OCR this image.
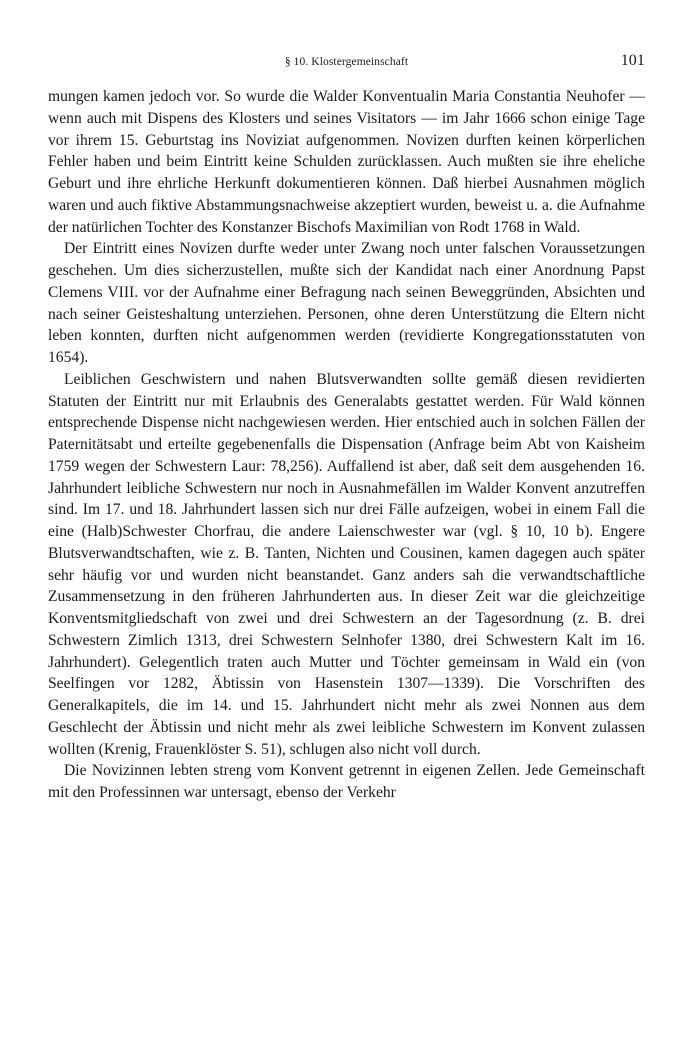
§ 10. Klostergemeinschaft	101

mungen kamen jedoch vor. So wurde die Walder Konventualin Maria Constantia Neuhofer — wenn auch mit Dispens des Klosters und seines Visitators — im Jahr 1666 schon einige Tage vor ihrem 15. Geburtstag ins Noviziat aufgenommen. Novizen durften keinen körperlichen Fehler haben und beim Eintritt keine Schulden zurücklassen. Auch mußten sie ihre eheliche Geburt und ihre ehrliche Herkunft dokumentieren können. Daß hierbei Ausnahmen möglich waren und auch fiktive Abstammungsnachweise akzeptiert wurden, beweist u. a. die Aufnahme der natürlichen Tochter des Konstanzer Bischofs Maximilian von Rodt 1768 in Wald.

Der Eintritt eines Novizen durfte weder unter Zwang noch unter falschen Voraussetzungen geschehen. Um dies sicherzustellen, mußte sich der Kandidat nach einer Anordnung Papst Clemens VIII. vor der Aufnahme einer Befragung nach seinen Beweggründen, Absichten und nach seiner Geisteshaltung unterziehen. Personen, ohne deren Unterstützung die Eltern nicht leben konnten, durften nicht aufgenommen werden (revidierte Kongregationsstatuten von 1654).

Leiblichen Geschwistern und nahen Blutsverwandten sollte gemäß diesen revidierten Statuten der Eintritt nur mit Erlaubnis des Generalabts gestattet werden. Für Wald können entsprechende Dispense nicht nachgewiesen werden. Hier entschied auch in solchen Fällen der Paternitätsabt und erteilte gegebenenfalls die Dispensation (Anfrage beim Abt von Kaisheim 1759 wegen der Schwestern Laur: 78,256). Auffallend ist aber, daß seit dem ausgehenden 16. Jahrhundert leibliche Schwestern nur noch in Ausnahmefällen im Walder Konvent anzutreffen sind. Im 17. und 18. Jahrhundert lassen sich nur drei Fälle aufzeigen, wobei in einem Fall die eine (Halb)Schwester Chorfrau, die andere Laienschwester war (vgl. § 10, 10 b). Engere Blutsverwandtschaften, wie z. B. Tanten, Nichten und Cousinen, kamen dagegen auch später sehr häufig vor und wurden nicht beanstandet. Ganz anders sah die verwandtschaftliche Zusammensetzung in den früheren Jahrhunderten aus. In dieser Zeit war die gleichzeitige Konventsmitgliedschaft von zwei und drei Schwestern an der Tagesordnung (z. B. drei Schwestern Zimlich 1313, drei Schwestern Selnhofer 1380, drei Schwestern Kalt im 16. Jahrhundert). Gelegentlich traten auch Mutter und Töchter gemeinsam in Wald ein (von Seelfingen vor 1282, Äbtissin von Hasenstein 1307—1339). Die Vorschriften des Generalkapitels, die im 14. und 15. Jahrhundert nicht mehr als zwei Nonnen aus dem Geschlecht der Äbtissin und nicht mehr als zwei leibliche Schwestern im Konvent zulassen wollten (Krenig, Frauenklöster S. 51), schlugen also nicht voll durch.

Die Novizinnen lebten streng vom Konvent getrennt in eigenen Zellen. Jede Gemeinschaft mit den Professinnen war untersagt, ebenso der Verkehr
